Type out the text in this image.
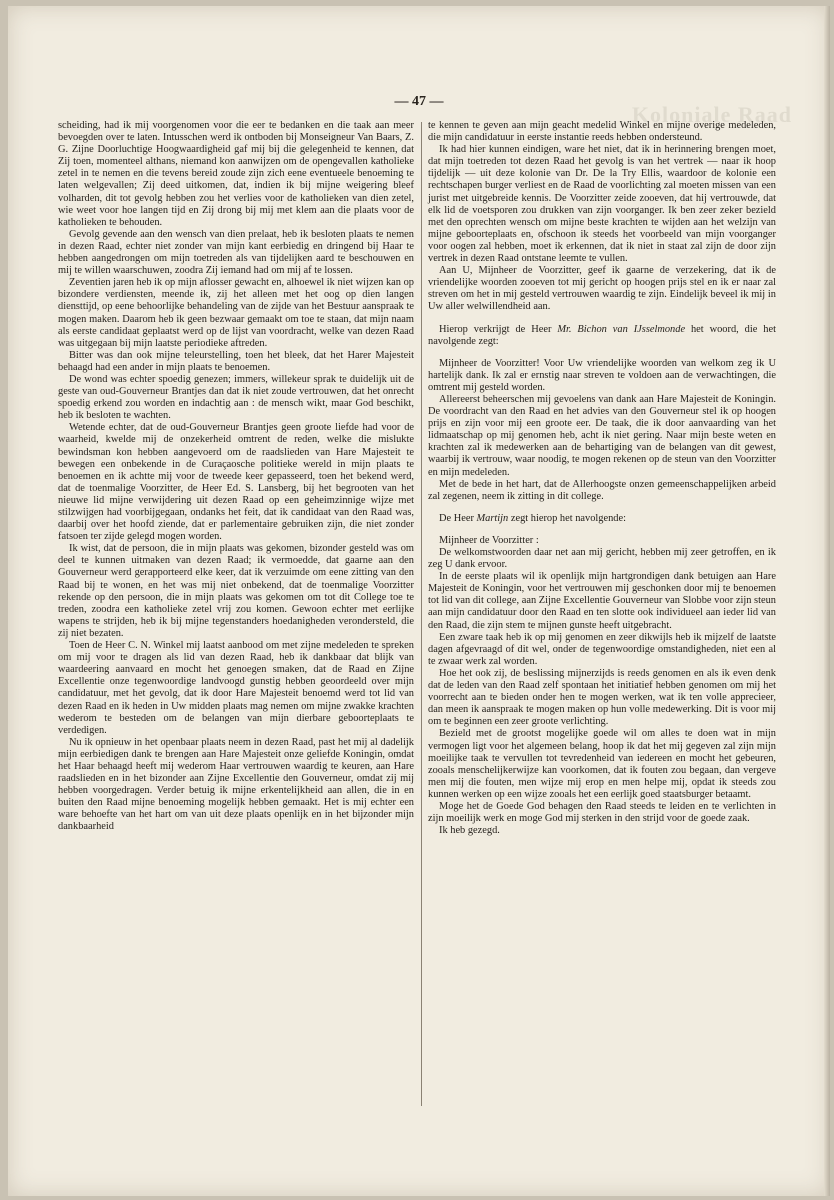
Koloniale Raad
— 47 —

scheiding, had ik mij voorgenomen voor die eer te bedanken en die taak aan meer bevoegden over te laten. Intusschen werd ik ontboden bij Monseigneur Van Baars, Z. G. Zijne Doorluchtige Hoogwaardigheid gaf mij bij die gelegenheid te kennen, dat Zij toen, momenteel althans, niemand kon aanwijzen om de opengevallen katholieke zetel in te nemen en die tevens bereid zoude zijn zich eene eventueele benoeming te laten welgevallen; Zij deed uitkomen, dat, indien ik bij mijne weigering bleef volharden, dit tot gevolg hebben zou het verlies voor de katholieken van dien zetel, wie weet voor hoe langen tijd en Zij drong bij mij met klem aan die plaats voor de katholieken te behouden.

Gevolg gevende aan den wensch van dien prelaat, heb ik besloten plaats te nemen in dezen Raad, echter niet zonder van mijn kant eerbiedig en dringend bij Haar te hebben aangedrongen om mijn toetreden als van tijdelijken aard te beschouwen en mij te willen waarschuwen, zoodra Zij iemand had om mij af te lossen.

Zeventien jaren heb ik op mijn aflosser gewacht en, alhoewel ik niet wijzen kan op bizondere verdiensten, meende ik, zij het alleen met het oog op dien langen diensttijd, op eene behoorlijke behandeling van de zijde van het Bestuur aanspraak te mogen maken. Daarom heb ik geen bezwaar gemaakt om toe te staan, dat mijn naam als eerste candidaat geplaatst werd op de lijst van voordracht, welke van dezen Raad was uitgegaan bij mijn laatste periodieke aftreden.

Bitter was dan ook mijne teleurstelling, toen het bleek, dat het Harer Majesteit behaagd had een ander in mijn plaats te benoemen.

De wond was echter spoedig genezen; immers, willekeur sprak te duidelijk uit de geste van oud-Gouverneur Brantjes dan dat ik niet zoude vertrouwen, dat het onrecht spoedig erkend zou worden en indachtig aan : de mensch wikt, maar God beschikt, heb ik besloten te wachten.

Wetende echter, dat de oud-Gouverneur Brantjes geen groote liefde had voor de waarheid, kwelde mij de onzekerheid omtrent de reden, welke die mislukte bewindsman kon hebben aangevoerd om de raadslieden van Hare Majesteit te bewegen een onbekende in de Curaçaosche politieke wereld in mijn plaats te benoemen en ik achtte mij voor de tweede keer gepasseerd, toen het bekend werd, dat de toenmalige Voorzitter, de Heer Ed. S. Lansberg, bij het begrooten van het nieuwe lid mijne verwijdering uit dezen Raad op een geheimzinnige wijze met stilzwijgen had voorbijgegaan, ondanks het feit, dat ik candidaat van den Raad was, daarbij over het hoofd ziende, dat er parlementaire gebruiken zijn, die niet zonder fatsoen ter zijde gelegd mogen worden.

Ik wist, dat de persoon, die in mijn plaats was gekomen, bizonder gesteld was om deel te kunnen uitmaken van dezen Raad; ik vermoedde, dat gaarne aan den Gouverneur werd gerapporteerd elke keer, dat ik verzuimde om eene zitting van den Raad bij te wonen, en het was mij niet onbekend, dat de toenmalige Voorzitter rekende op den persoon, die in mijn plaats was gekomen om tot dit College toe te treden, zoodra een katholieke zetel vrij zou komen. Gewoon echter met eerlijke wapens te strijden, heb ik bij mijne tegenstanders hoedanigheden verondersteld, die zij niet bezaten.

Toen de Heer C. N. Winkel mij laatst aanbood om met zijne medeleden te spreken om mij voor te dragen als lid van dezen Raad, heb ik dankbaar dat blijk van waardeering aanvaard en mocht het genoegen smaken, dat de Raad en Zijne Excellentie onze tegenwoordige landvoogd gunstig hebben geoordeeld over mijn candidatuur, met het gevolg, dat ik door Hare Majesteit benoemd werd tot lid van dezen Raad en ik heden in Uw midden plaats mag nemen om mijne zwakke krachten wederom te besteden om de belangen van mijn dierbare geboorteplaats te verdedigen.

Nu ik opnieuw in het openbaar plaats neem in dezen Raad, past het mij al dadelijk mijn eerbiedigen dank te brengen aan Hare Majesteit onze geliefde Koningin, omdat het Haar behaagd heeft mij wederom Haar vertrouwen waardig te keuren, aan Hare raadslieden en in het bizonder aan Zijne Excellentie den Gouverneur, omdat zij mij hebben voorgedragen. Verder betuig ik mijne erkentelijkheid aan allen, die in en buiten den Raad mijne benoeming mogelijk hebben gemaakt. Het is mij echter een ware behoefte van het hart om van uit deze plaats openlijk en in het bijzonder mijn dankbaarheid

te kennen te geven aan mijn geacht medelid Winkel en mijne overige medeleden, die mijn candidatuur in eerste instantie reeds hebben ondersteund.

Ik had hier kunnen eindigen, ware het niet, dat ik in herinnering brengen moet, dat mijn toetreden tot dezen Raad het gevolg is van het vertrek — naar ik hoop tijdelijk — uit deze kolonie van Dr. De la Try Ellis, waardoor de kolonie een rechtschapen burger verliest en de Raad de voorlichting zal moeten missen van een jurist met uitgebreide kennis. De Voorzitter zeide zooeven, dat hij vertrouwde, dat elk lid de voetsporen zou drukken van zijn voorganger. Ik ben zeer zeker bezield met den oprechten wensch om mijne beste krachten te wijden aan het welzijn van mijne geboorteplaats en, ofschoon ik steeds het voorbeeld van mijn voorganger voor oogen zal hebben, moet ik erkennen, dat ik niet in staat zal zijn de door zijn vertrek in dezen Raad ontstane leemte te vullen.

Aan U, Mijnheer de Voorzitter, geef ik gaarne de verzekering, dat ik de vriendelijke woorden zooeven tot mij gericht op hoogen prijs stel en ik er naar zal streven om het in mij gesteld vertrouwen waardig te zijn. Eindelijk beveel ik mij in Uw aller welwillendheid aan.

Hierop verkrijgt de Heer Mr. Bichon van IJsselmonde het woord, die het navolgende zegt:

Mijnheer de Voorzitter! Voor Uw vriendelijke woorden van welkom zeg ik U hartelijk dank. Ik zal er ernstig naar streven te voldoen aan de verwachtingen, die omtrent mij gesteld worden.

Allereerst beheerschen mij gevoelens van dank aan Hare Majesteit de Koningin. De voordracht van den Raad en het advies van den Gouverneur stel ik op hoogen prijs en zijn voor mij een groote eer. De taak, die ik door aanvaarding van het lidmaatschap op mij genomen heb, acht ik niet gering. Naar mijn beste weten en krachten zal ik medewerken aan de behartiging van de belangen van dit gewest, waarbij ik vertrouw, waar noodig, te mogen rekenen op de steun van den Voorzitter en mijn medeleden.

Met de bede in het hart, dat de Allerhoogste onzen gemeenschappelijken arbeid zal zegenen, neem ik zitting in dit college.

De Heer Martijn zegt hierop het navolgende:

Mijnheer de Voorzitter :

De welkomstwoorden daar net aan mij gericht, hebben mij zeer getroffen, en ik zeg U dank ervoor.

In de eerste plaats wil ik openlijk mijn hartgrondigen dank betuigen aan Hare Majesteit de Koningin, voor het vertrouwen mij geschonken door mij te benoemen tot lid van dit college, aan Zijne Excellentie Gouverneur van Slobbe voor zijn steun aan mijn candidatuur door den Raad en ten slotte ook individueel aan ieder lid van den Raad, die zijn stem te mijnen gunste heeft uitgebracht.

Een zware taak heb ik op mij genomen en zeer dikwijls heb ik mijzelf de laatste dagen afgevraagd of dit wel, onder de tegenwoordige omstandigheden, niet een al te zwaar werk zal worden.

Hoe het ook zij, de beslissing mijnerzijds is reeds genomen en als ik even denk dat de leden van den Raad zelf spontaan het initiatief hebben genomen om mij het voorrecht aan te bieden onder hen te mogen werken, wat ik ten volle apprecieer, dan meen ik aanspraak te mogen maken op hun volle medewerking. Dit is voor mij om te beginnen een zeer groote verlichting.

Bezield met de grootst mogelijke goede wil om alles te doen wat in mijn vermogen ligt voor het algemeen belang, hoop ik dat het mij gegeven zal zijn mijn moeilijke taak te vervullen tot tevredenheid van iedereen en mocht het gebeuren, zooals menschelijkerwijze kan voorkomen, dat ik fouten zou begaan, dan vergeve men mij die fouten, men wijze mij erop en men helpe mij, opdat ik steeds zou kunnen werken op een wijze zooals het een eerlijk goed staatsburger betaamt.

Moge het de Goede God behagen den Raad steeds te leiden en te verlichten in zijn moeilijk werk en moge God mij sterken in den strijd voor de goede zaak.

Ik heb gezegd.
